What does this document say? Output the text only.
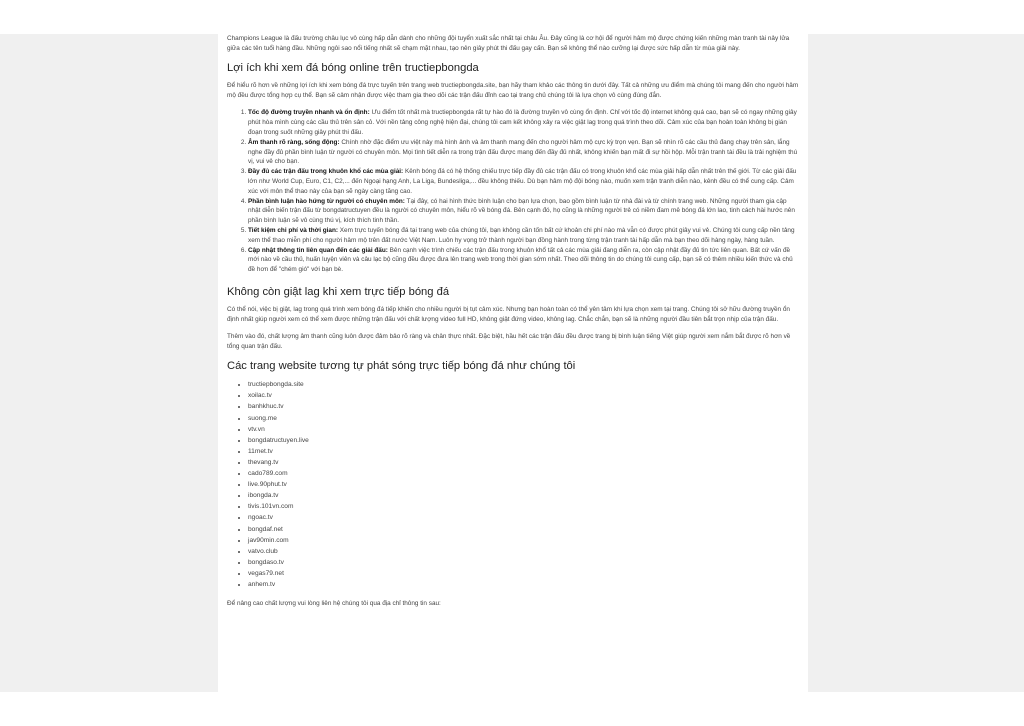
Champions League là đấu trường châu lục vô cùng hấp dẫn dành cho những đội tuyển xuất sắc nhất tại châu Âu. Đây cũng là cơ hội để người hâm mộ được chứng kiến những màn tranh tài nảy lửa giữa các tên tuổi hàng đầu. Những ngôi sao nổi tiếng nhất sẽ chạm mặt nhau, tạo nên giây phút thi đấu gay cấn. Bạn sẽ không thể nào cưỡng lại được sức hấp dẫn từ mùa giải này.

Lợi ích khi xem đá bóng online trên tructiepbongda

Để hiểu rõ hơn về những lợi ích khi xem bóng đá trực tuyến trên trang web tructiepbongda.site, bạn hãy tham khảo các thông tin dưới đây. Tất cả những ưu điểm mà chúng tôi mang đến cho người hâm mộ đều được tổng hợp cụ thể. Bạn sẽ cảm nhận được việc tham gia theo dõi các trận đấu đỉnh cao tại trang chủ chúng tôi là lựa chọn vô cùng đúng đắn.

1. Tốc độ đường truyền nhanh và ổn định: Ưu điểm tốt nhất mà tructiepbongda rất tự hào đó là đường truyền vô cùng ổn định. Chỉ với tốc độ internet không quá cao, bạn sẽ có ngay những giây phút hòa mình cùng các cầu thủ trên sân cỏ. Với nền tảng công nghệ hiện đại, chúng tôi cam kết không xảy ra việc giật lag trong quá trình theo dõi. Cảm xúc của bạn hoàn toàn không bị gián đoạn trong suốt những giây phút thi đấu.
2. Âm thanh rõ ràng, sống động: Chính nhờ đặc điểm ưu việt này mà hình ảnh và âm thanh mang đến cho người hâm mộ cực kỳ trọn vẹn. Bạn sẽ nhìn rõ các cầu thủ đang chạy trên sân, lắng nghe đầy đủ phần bình luận từ người có chuyên môn. Mọi tình tiết diễn ra trong trận đấu được mang đến đầy đủ nhất, không khiến bạn mất đi sự hồi hộp. Mỗi trận tranh tài đều là trải nghiệm thú vị, vui vẻ cho bạn.
3. Đầy đủ các trận đấu trong khuôn khổ các mùa giải: Kênh bóng đá có hệ thống chiếu trực tiếp đầy đủ các trận đấu có trong khuôn khổ các mùa giải hấp dẫn nhất trên thế giới. Từ các giải đấu lớn như World Cup, Euro, C1, C2,... đến Ngoại hạng Anh, La Liga, Bundesliga,... đều không thiếu. Dù bạn hâm mộ đội bóng nào, muốn xem trận tranh diễn nào, kênh đều có thể cung cấp. Cảm xúc với môn thể thao này của bạn sẽ ngày càng tăng cao.
4. Phần bình luận hào hứng từ người có chuyên môn: Tại đây, có hai hình thức bình luận cho bạn lựa chọn, bao gồm bình luận từ nhà đài và từ chính trang web. Những người tham gia cập nhật diễn biến trận đấu từ bongdatructuyen đều là người có chuyên môn, hiểu rõ về bóng đá. Bên cạnh đó, họ cũng là những người trẻ có niềm đam mê bóng đá lớn lao, tinh cách hài hước nên phần bình luận sẽ vô cùng thú vị, kích thích tinh thần.
5. Tiết kiệm chi phí và thời gian: Xem trực tuyến bóng đá tại trang web của chúng tôi, bạn không cần tốn bất cứ khoản chi phí nào mà vẫn có được phút giây vui vẻ. Chúng tôi cung cấp nền tảng xem thể thao miễn phí cho người hâm mộ trên đất nước Việt Nam. Luôn hy vọng trở thành người bạn đồng hành trong từng trận tranh tài hấp dẫn mà bạn theo dõi hàng ngày, hàng tuần.
6. Cập nhật thông tin liên quan đến các giải đấu: Bên cạnh việc trình chiếu các trận đấu trong khuôn khổ tất cả các mùa giải đang diễn ra, còn cập nhật đầy đủ tin tức liên quan. Bất cứ vấn đề mới nào về cầu thủ, huấn luyện viên và câu lạc bộ cũng đều được đưa lên trang web trong thời gian sớm nhất. Theo dõi thông tin do chúng tôi cung cấp, bạn sẽ có thêm nhiều kiến thức và chủ đề hơn để "chém gió" với bạn bè.
Không còn giật lag khi xem trực tiếp bóng đá

Có thể nói, việc bị giật, lag trong quá trình xem bóng đá tiếp khiến cho nhiều người bị tụt cảm xúc. Nhưng bạn hoàn toàn có thể yên tâm khi lựa chọn xem tại trang. Chúng tôi sở hữu đường truyền ổn định nhất giúp người xem có thể xem được những trận đấu với chất lượng video full HD, không giật đứng video, không lag. Chắc chắn, bạn sẽ là những người đầu tiên bắt trọn nhịp của trận đấu.

Thêm vào đó, chất lượng âm thanh cũng luôn được đảm bảo rõ ràng và chân thực nhất. Đặc biệt, hầu hết các trận đấu đều được trang bị bình luận tiếng Việt giúp người xem nắm bắt được rõ hơn về tổng quan trận đấu.

Các trang website tương tự phát sóng trực tiếp bóng đá như chúng tôi
• tructiepbongda.site
• xoilac.tv
• banhkhuc.tv
• suong.me
• vtv.vn
• bongdatructuyen.live
• 11met.tv
• thevang.tv
• cado789.com
• live.90phut.tv
• ibongda.tv
• tivis.101vn.com
• ngoac.tv
• bongdaf.net
• jav90min.com
• vatvo.club
• bongdaso.tv
• vegas79.net
• anhem.tv

Để nâng cao chất lượng vui lòng liên hệ chúng tôi qua địa chỉ thông tin sau:
